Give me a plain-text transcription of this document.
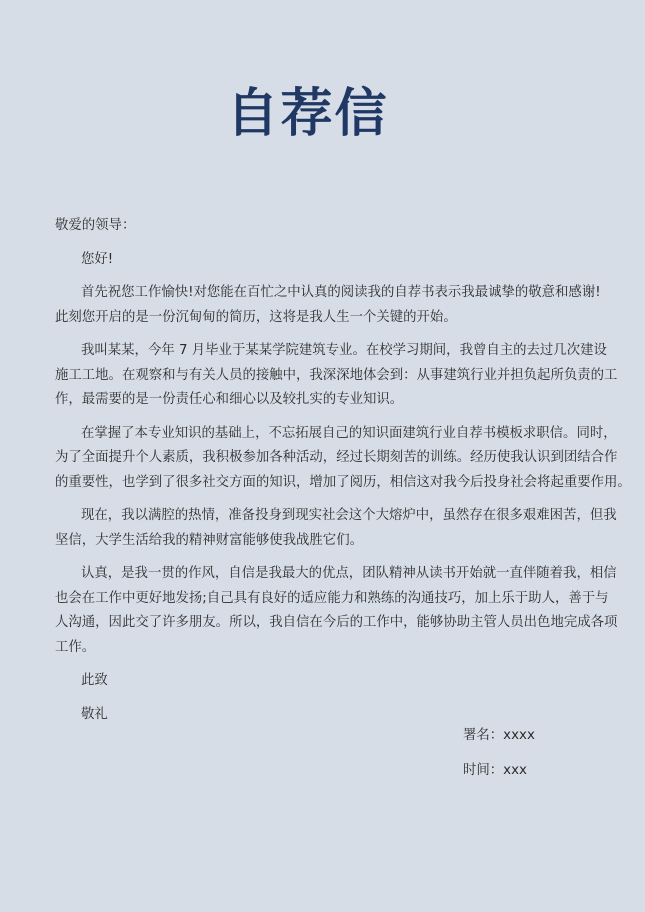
自荐信
敬爱的领导：
您好!
首先祝您工作愉快!对您能在百忙之中认真的阅读我的自荐书表示我最诚挚的敬意和感谢!
此刻您开启的是一份沉甸甸的简历，这将是我人生一个关键的开始。
我叫某某，今年 7 月毕业于某某学院建筑专业。在校学习期间，我曾自主的去过几次建设
施工工地。在观察和与有关人员的接触中，我深深地体会到：从事建筑行业并担负起所负责的工
作，最需要的是一份责任心和细心以及较扎实的专业知识。
在掌握了本专业知识的基础上，不忘拓展自己的知识面建筑行业自荐书模板求职信。同时，
为了全面提升个人素质，我积极参加各种活动，经过长期刻苦的训练。经历使我认识到团结合作
的重要性，也学到了很多社交方面的知识，增加了阅历，相信这对我今后投身社会将起重要作用。
现在，我以满腔的热情，准备投身到现实社会这个大熔炉中，虽然存在很多艰难困苦，但我
坚信，大学生活给我的精神财富能够使我战胜它们。
认真，是我一贯的作风，自信是我最大的优点，团队精神从读书开始就一直伴随着我，相信
也会在工作中更好地发扬;自己具有良好的适应能力和熟练的沟通技巧，加上乐于助人，善于与
人沟通，因此交了许多朋友。所以，我自信在今后的工作中，能够协助主管人员出色地完成各项
工作。
此致
敬礼
署名：xxxx
时间：xxx
